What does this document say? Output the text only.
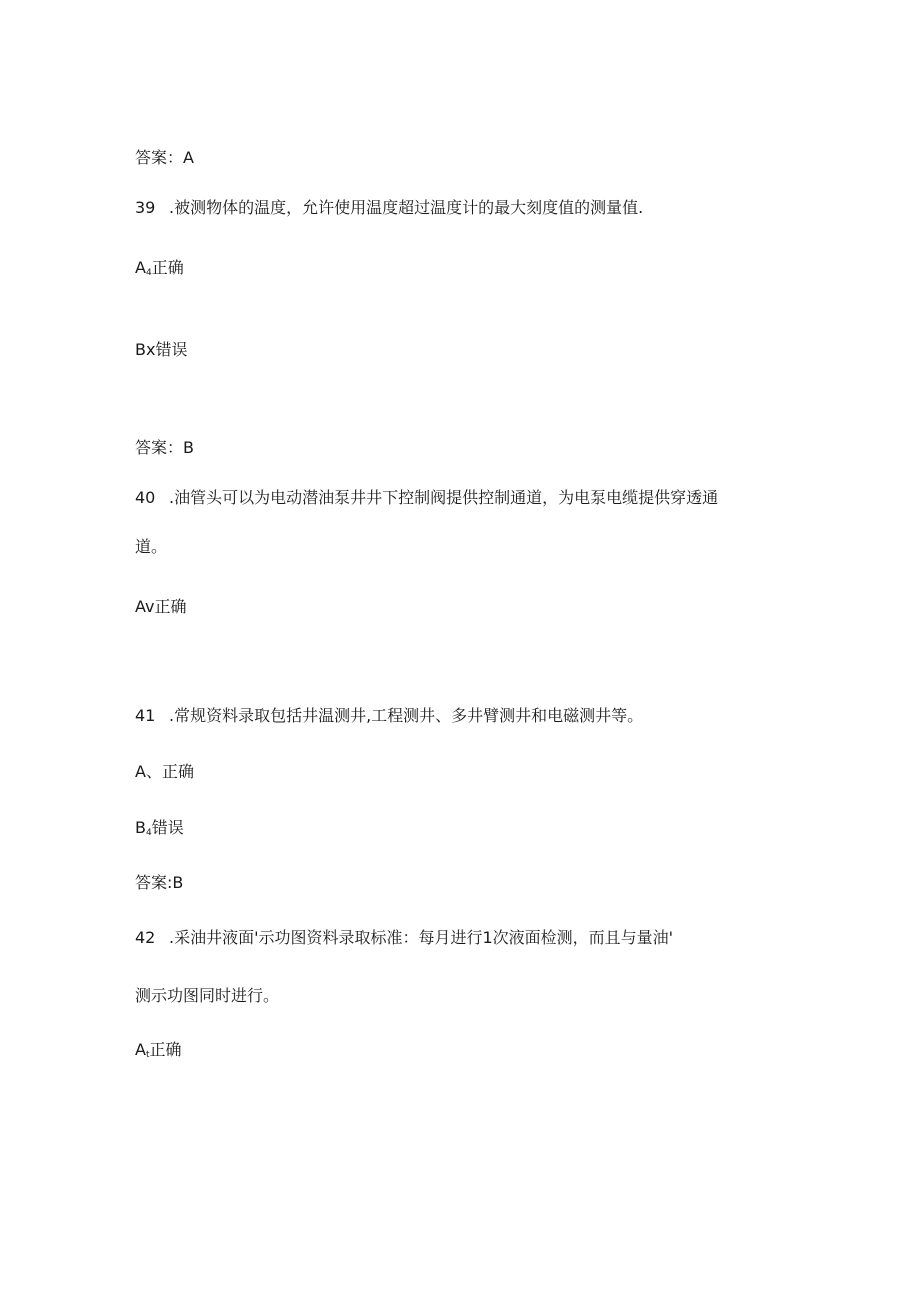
答案：A
39 .被测物体的温度，允许使用温度超过温度计的最大刻度值的测量值.
$A_4$正确
Bx错误
答案：B
40 .油管头可以为电动潜油泵井井下控制阀提供控制通道，为电泵电缆提供穿透通
道。
Av正确
41 .常规资料录取包括井温测井,工程测井、多井臂测井和电磁测井等。
A、正确
$B_4$错误
答案:B
42 .采油井液面'示功图资料录取标准：每月进行1次液面检测，而且与量油'
测示功图同时进行。
$A_t$正确
